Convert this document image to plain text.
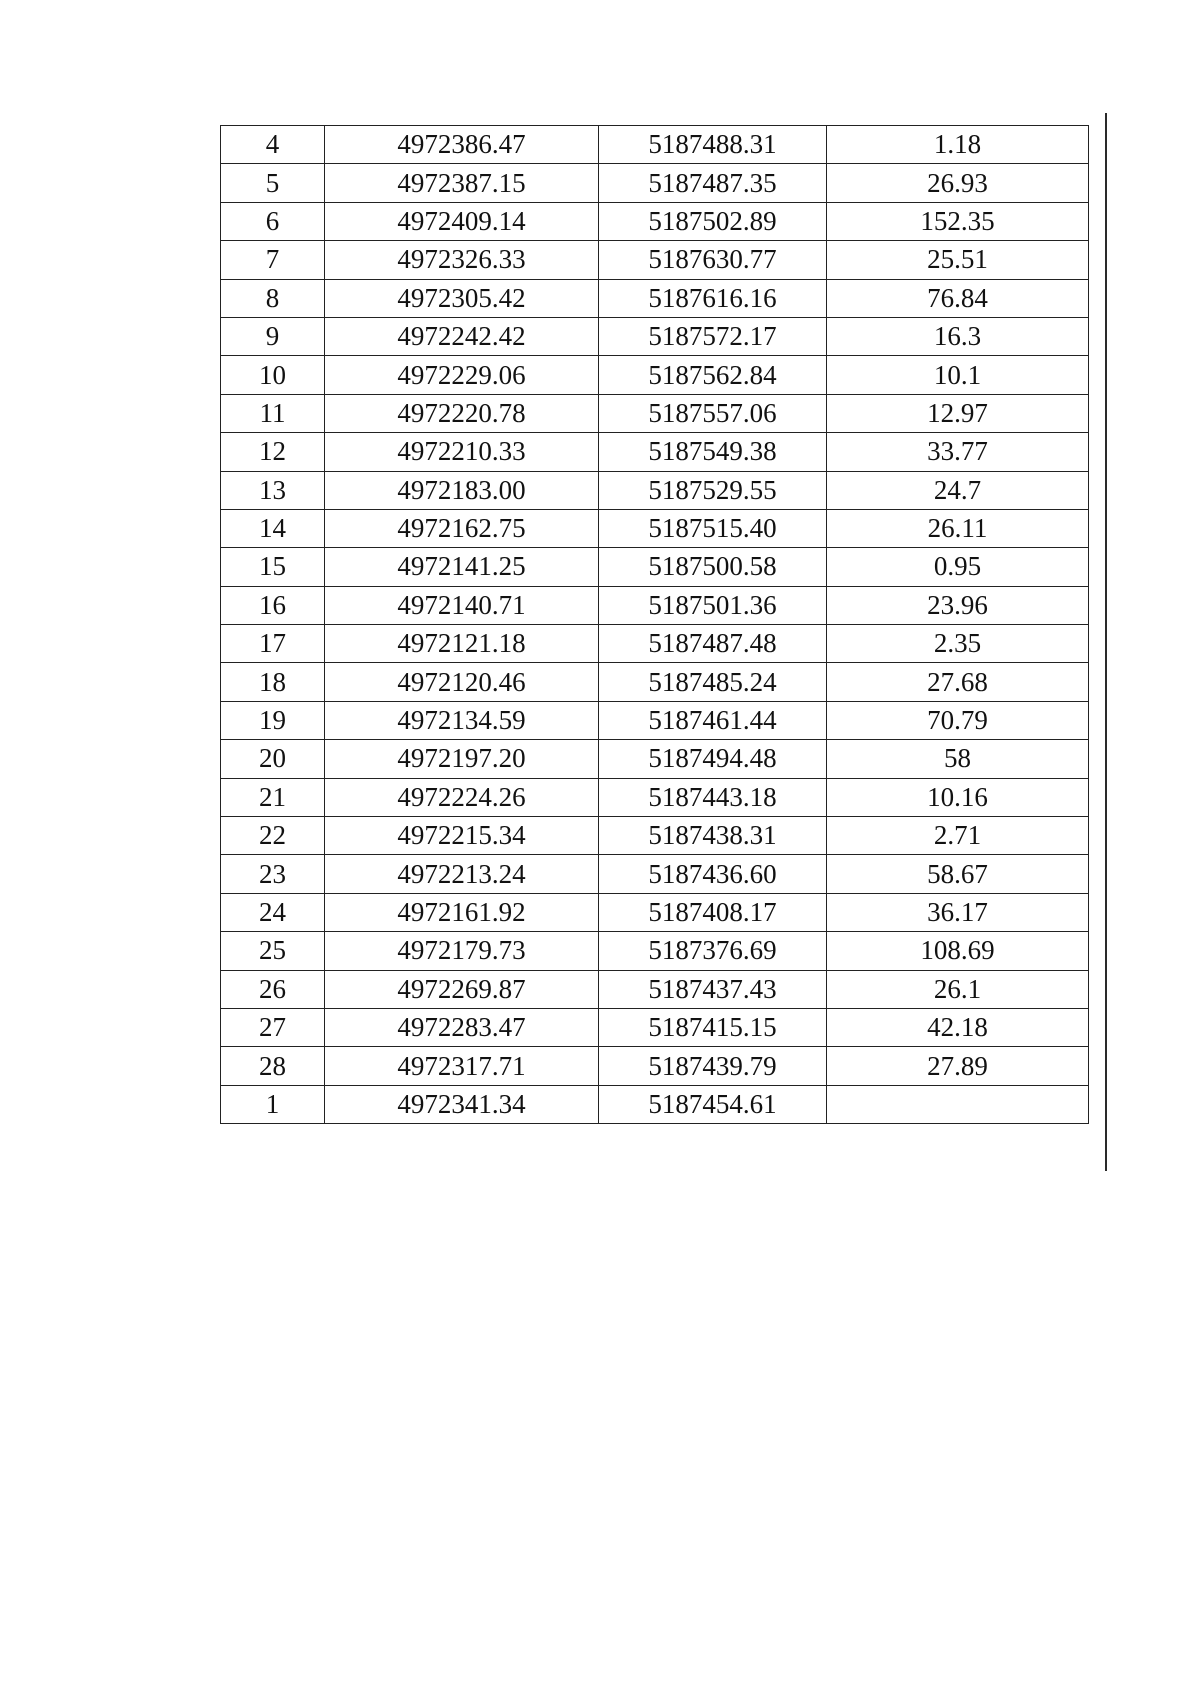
4	4972386.47	5187488.31	1.18
5	4972387.15	5187487.35	26.93
6	4972409.14	5187502.89	152.35
7	4972326.33	5187630.77	25.51
8	4972305.42	5187616.16	76.84
9	4972242.42	5187572.17	16.3
10	4972229.06	5187562.84	10.1
11	4972220.78	5187557.06	12.97
12	4972210.33	5187549.38	33.77
13	4972183.00	5187529.55	24.7
14	4972162.75	5187515.40	26.11
15	4972141.25	5187500.58	0.95
16	4972140.71	5187501.36	23.96
17	4972121.18	5187487.48	2.35
18	4972120.46	5187485.24	27.68
19	4972134.59	5187461.44	70.79
20	4972197.20	5187494.48	58
21	4972224.26	5187443.18	10.16
22	4972215.34	5187438.31	2.71
23	4972213.24	5187436.60	58.67
24	4972161.92	5187408.17	36.17
25	4972179.73	5187376.69	108.69
26	4972269.87	5187437.43	26.1
27	4972283.47	5187415.15	42.18
28	4972317.71	5187439.79	27.89
1	4972341.34	5187454.61	
